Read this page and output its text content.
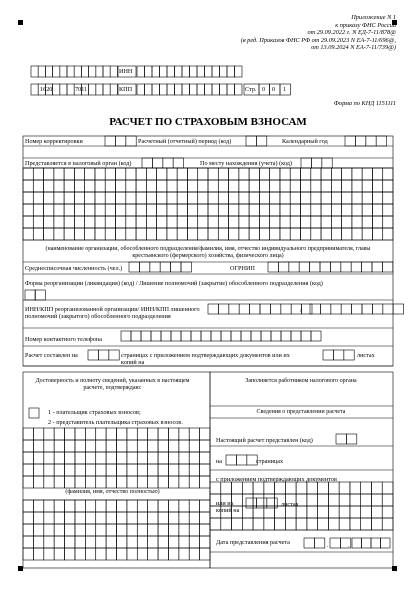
Приложение N 1
к приказу ФНС России
от 29.09.2022 г. N ЕД-7-11/878@
(в ред. Приказов ФНС РФ от 29.09.2023 N ЕА-7-11/696@,
от 13.09.2024 N ЕА-7-11/739@)
ИНН
КПП	Стр. 0 0 1
1620	7011
Форма по КНД 1151111
РАСЧЕТ ПО СТРАХОВЫМ ВЗНОСАМ
Номер корректировки	Расчетный (отчетный) период (код)	Календарный год
Представляется в налоговый орган (код)	По месту нахождения (учета) (код)
(наименование организации, обособленного подразделения/фамилия, имя, отчество индивидуального предпринимателя, главы крестьянского (фермерского) хозяйства, физического лица)
Среднесписочная численность (чел.)	ОГРНИП
Форма реорганизации (ликвидация) (код) / Лишение полномочий (закрытие) обособленного подразделения (код)
ИНН/КПП реорганизованной организации/ ИНН/КПП лишенного полномочий (закрытого) обособленного подразделения
/
Номер контактного телефона
Расчет составлен на	страницах с приложением подтверждающих документов или их копий на
листах
Достоверность и полноту сведений, указанных в настоящем расчете, подтверждаю:
1 - плательщик страховых взносов;
2 - представитель плательщика страховых взносов.
(фамилия, имя, отчество полностью)
Заполняется работником налогового органа
Сведения о представлении расчета
Настоящий расчет представлен (код)
на	страницах
с приложением подтверждающих документов
или их копий на
листах
Дата представления расчета	.	.
